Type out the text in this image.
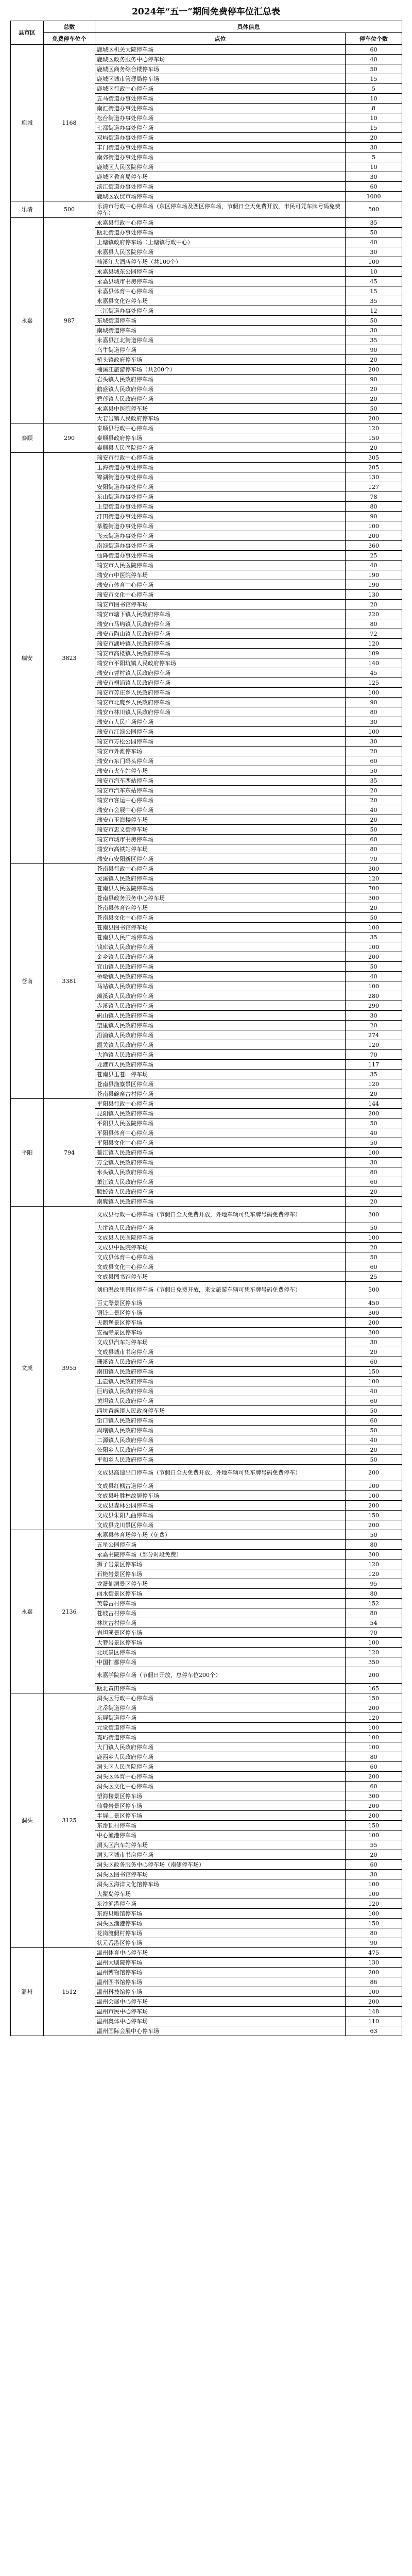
2024年“五一”期间免费停车位汇总表
县市区	总数	具体信息	
	免费停车位个	点位	停车位个数
鹿城	1168	鹿城区机关大院停车场	60
		鹿城区政务服务中心停车场	40
		鹿城区商务综合楼停车场	50
		鹿城区城市管理局停车场	15
		鹿城区行政中心停车场	5
		五马街道办事处停车场	10
		南汇街道办事处停车场	8
		松台街道办事处停车场	10
		七都街道办事处停车场	15
		双屿街道办事处停车场	20
		丰门街道办事处停车场	30
		南郊街道办事处停车场	5
		鹿城区人民医院停车场	10
		鹿城区教育局停车场	30
		滨江街道办事处停车场	60
		鹿城区农贸市场停车场	1000
乐清	500	乐清市行政中心停车场（东区停车场及西区停车场，节假日全天免费开放，市民可凭车牌号码免费停车）	500
永嘉	987	永嘉县行政中心停车场	35
		瓯北街道办事处停车场	50
		上塘镇政府停车场（上塘镇行政中心）	40
		永嘉县人民医院停车场	30
		楠溪江大酒店停车场（共100个）	100
		永嘉县城东公园停车场	10
		永嘉县城市书房停车场	45
		永嘉县体育中心停车场	15
		永嘉县文化馆停车场	35
		三江街道办事处停车场	12
		东城街道停车场	50
		南城街道停车场	30
		永嘉县江北街道停车场	35
		乌牛街道停车场	90
		桥头镇政府停车场	20
		楠溪江旅游停车场（共200个）	200
		岩头镇人民政府停车场	90
		鹤盛镇人民政府停车场	20
		碧莲镇人民政府停车场	20
		永嘉县中医院停车场	50
		大若岩镇人民政府停车场	200
泰顺	290	泰顺县行政中心停车场	120
		泰顺县政府停车场	150
		泰顺县人民医院停车场	20
瑞安	3823	瑞安市行政中心停车场	305
		玉海街道办事处停车场	205
		锦湖街道办事处停车场	130
		安阳街道办事处停车场	127
		东山街道办事处停车场	78
		上望街道办事处停车场	80
		汀田街道办事处停车场	90
		莘塍街道办事处停车场	100
		飞云街道办事处停车场	200
		南滨街道办事处停车场	360
		仙降街道办事处停车场	25
		瑞安市人民医院停车场	40
		瑞安市中医院停车场	190
		瑞安市体育中心停车场	190
		瑞安市文化中心停车场	130
		瑞安市图书馆停车场	20
		瑞安市塘下镇人民政府停车场	220
		瑞安市马屿镇人民政府停车场	80
		瑞安市陶山镇人民政府停车场	72
		瑞安市湖岭镇人民政府停车场	120
		瑞安市高楼镇人民政府停车场	109
		瑞安市平阳坑镇人民政府停车场	140
		瑞安市曹村镇人民政府停车场	45
		瑞安市桐浦镇人民政府停车场	125
		瑞安市芳庄乡人民政府停车场	100
		瑞安市北麂乡人民政府停车场	90
		瑞安市林川镇人民政府停车场	80
		瑞安市人民广场停车场	30
		瑞安市江滨公园停车场	100
		瑞安市万松公园停车场	30
		瑞安市外滩停车场	20
		瑞安市东门码头停车场	60
		瑞安市火车站停车场	50
		瑞安市汽车西站停车场	35
		瑞安市汽车东站停车场	20
		瑞安市客运中心停车场	20
		瑞安市会展中心停车场	40
		瑞安市玉海楼停车场	20
		瑞安市忠义街停车场	50
		瑞安市城市书房停车场	60
		瑞安市高铁站停车场	80
		瑞安市安阳新区停车场	70
苍南	3381	苍南县行政中心停车场	300
		灵溪镇人民政府停车场	120
		苍南县人民医院停车场	700
		苍南县政务服务中心停车场	300
		苍南县体育馆停车场	20
		苍南县文化中心停车场	50
		苍南县图书馆停车场	100
		苍南县人民广场停车场	35
		钱库镇人民政府停车场	100
		金乡镇人民政府停车场	200
		宜山镇人民政府停车场	50
		桥墩镇人民政府停车场	40
		马站镇人民政府停车场	100
		藻溪镇人民政府停车场	280
		赤溪镇人民政府停车场	290
		矾山镇人民政府停车场	30
		望里镇人民政府停车场	20
		沿浦镇人民政府停车场	274
		霞关镇人民政府停车场	120
		大渔镇人民政府停车场	70
		龙港市人民政府停车场	117
		苍南县玉苍山停车场	35
		苍南县渔寮景区停车场	120
		苍南县碗窑古村停车场	20
平阳	794	平阳县行政中心停车场	144
		昆阳镇人民政府停车场	200
		平阳县人民医院停车场	50
		平阳县体育中心停车场	40
		平阳县文化中心停车场	50
		鳌江镇人民政府停车场	100
		万全镇人民政府停车场	30
		水头镇人民政府停车场	80
		萧江镇人民政府停车场	60
		腾蛟镇人民政府停车场	20
		南麂镇人民政府停车场	20
文成	3955	文成县行政中心停车场（节假日全天免费开放，外地车辆可凭车牌号码免费停车）	300
		大峃镇人民政府停车场	50
		文成县人民医院停车场	100
		文成县中医院停车场	20
		文成县体育中心停车场	50
		文成县文化中心停车场	60
		文成县图书馆停车场	25
		刘伯温故里景区停车场（节假日免费开放，来文旅游车辆可凭车牌号码免费停车）	500
		百丈漈景区停车场	450
		铜铃山景区停车场	300
		天鹅堡景区停车场	200
		安福寺景区停车场	300
		文成县汽车站停车场	30
		文成县城市书房停车场	20
		珊溪镇人民政府停车场	60
		南田镇人民政府停车场	150
		玉壶镇人民政府停车场	100
		巨屿镇人民政府停车场	40
		黄坦镇人民政府停车场	60
		西坑畲族镇人民政府停车场	50
		峃口镇人民政府停车场	60
		周壤镇人民政府停车场	50
		二源镇人民政府停车场	40
		公阳乡人民政府停车场	20
		平和乡人民政府停车场	50
		文成县高速出口停车场（节假日全天免费开放，外地车辆可凭车牌号码免费停车）	200
		文成县红枫古道停车场	100
		文成县叶胜林故居停车场	100
		文成县森林公园停车场	200
		文成县朱阳九曲停车场	150
		文成县龙川景区停车场	200
永嘉	2136	永嘉县体育场停车场（免费）	50
		五星公园停车场	80
		永嘉书院停车场（部分时段免费）	300
		狮子岩景区停车场	120
		石桅岩景区停车场	120
		龙瀑仙洞景区停车场	95
		丽水街景区停车场	80
		芙蓉古村停车场	152
		苍坡古村停车场	80
		林坑古村停车场	54
		岩坦溪景区停车场	70
		大箬岩景区停车场	100
		北坑景区停车场	120
		中国扣都停车场	350
		永嘉学院停车场（节假日开放，总停车位200个）	200
		瓯北黄田停车场	165
洞头	3125	洞头区行政中心停车场	150
		北岙街道停车场	200
		东屏街道停车场	120
		元觉街道停车场	100
		霓屿街道停车场	100
		大门镇人民政府停车场	100
		鹿西乡人民政府停车场	80
		洞头区人民医院停车场	60
		洞头区体育中心停车场	200
		洞头区文化中心停车场	60
		望海楼景区停车场	300
		仙叠岩景区停车场	200
		半屏山景区停车场	200
		东岙顶村停车场	150
		中心渔港停车场	100
		洞头区汽车站停车场	55
		洞头区城市书房停车场	20
		洞头区政务服务中心停车场（南侧停车场）	60
		洞头区图书馆停车场	30
		洞头区海洋文化馆停车场	100
		大瞿岛停车场	100
		东沙渔港停车场	120
		东海贝雕馆停车场	100
		洞头区渔港停车场	150
		花岗渡假村停车场	80
		状元岙港区停车场	90
温州	1512	温州体育中心停车场	475
		温州大剧院停车场	130
		温州博物馆停车场	200
		温州图书馆停车场	86
		温州科技馆停车场	100
		温州会展中心停车场	200
		温州市民中心停车场	148
		温州奥体中心停车场	110
		温州国际会展中心停车场	63
